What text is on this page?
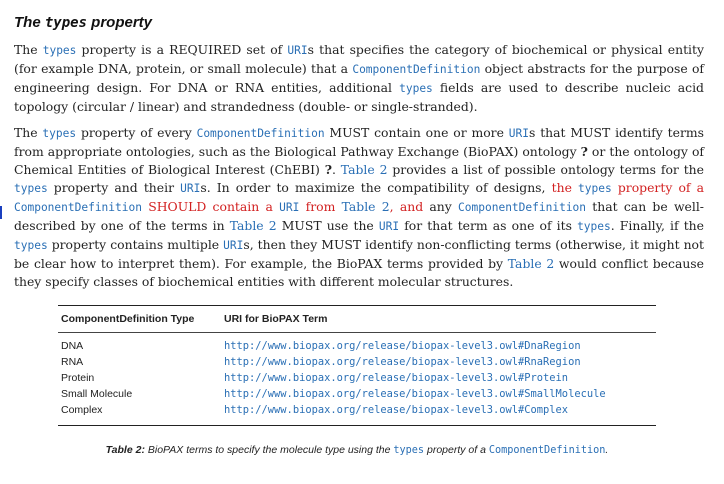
The types property

The types property is a REQUIRED set of URIs that specifies the category of biochemical or physical entity (for example DNA, protein, or small molecule) that a ComponentDefinition object abstracts for the purpose of engineering design. For DNA or RNA entities, additional types fields are used to describe nucleic acid topology (circular / linear) and strandedness (double- or single-stranded).

The types property of every ComponentDefinition MUST contain one or more URIs that MUST identify terms from appropriate ontologies, such as the Biological Pathway Exchange (BioPAX) ontology ? or the ontology of Chemical Entities of Biological Interest (ChEBI) ?. Table 2 provides a list of possible ontology terms for the types property and their URIs. In order to maximize the compatibility of designs, the types property of a ComponentDefinition SHOULD contain a URI from Table 2, and any ComponentDefinition that can be well-described by one of the terms in Table 2 MUST use the URI for that term as one of its types. Finally, if the types property contains multiple URIs, then they MUST identify non-conflicting terms (otherwise, it might not be clear how to interpret them). For example, the BioPAX terms provided by Table 2 would conflict because they specify classes of biochemical entities with different molecular structures.

ComponentDefinition Type	URI for BioPAX Term
DNA	http://www.biopax.org/release/biopax-level3.owl#DnaRegion
RNA	http://www.biopax.org/release/biopax-level3.owl#RnaRegion
Protein	http://www.biopax.org/release/biopax-level3.owl#Protein
Small Molecule	http://www.biopax.org/release/biopax-level3.owl#SmallMolecule
Complex	http://www.biopax.org/release/biopax-level3.owl#Complex
Table 2: BioPAX terms to specify the molecule type using the types property of a ComponentDefinition.
